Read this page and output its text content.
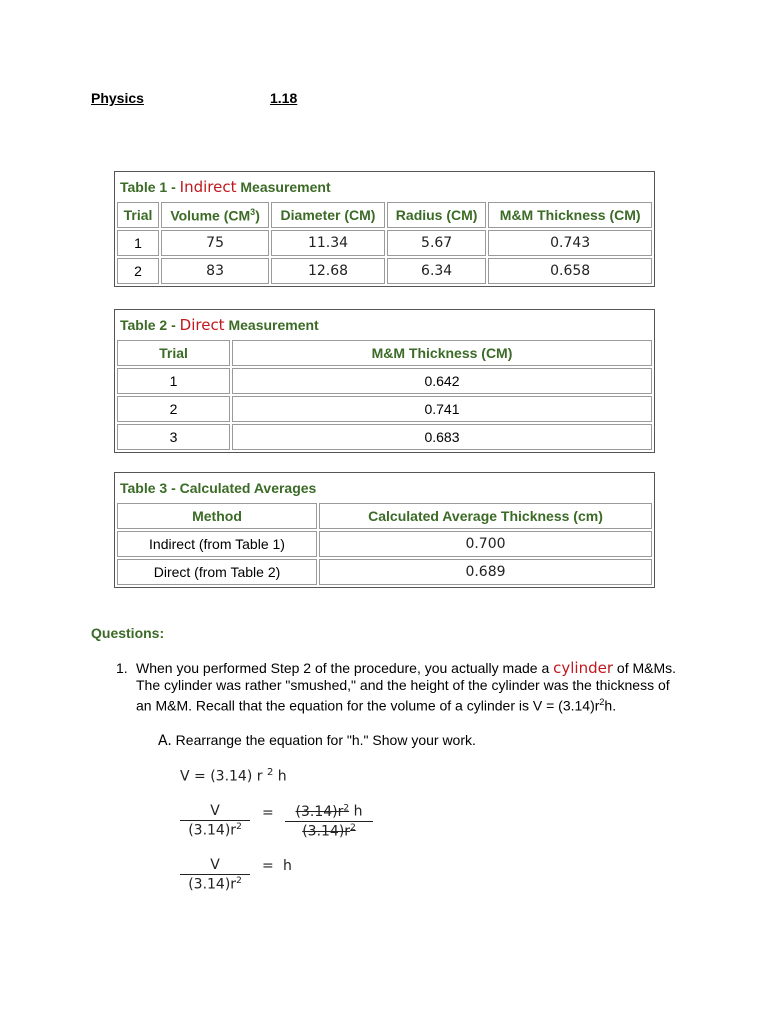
Physics	1.18
Table 1 - Indirect Measurement				
Trial	Volume $(CM^3)$	Diameter (CM)	Radius (CM)	M&M Thickness (CM)
1	75	11.34	5.67	0.743
2	83	12.68	6.34	0.658
Table 2 - Direct Measurement	
Trial	M&M Thickness (CM)
1	0.642
2	0.741
3	0.683
Table 3 - Calculated Averages	
Method	Calculated Average Thickness (cm)
Indirect (from Table 1)	0.700
Direct (from Table 2)	0.689
Questions:
1. When you performed Step 2 of the procedure, you actually made a cylinder of M&Ms. The cylinder was rather "smushed," and the height of the cylinder was the thickness of an M&M. Recall that the equation for the volume of a cylinder is $V = (3.14)r^2h$.
A. Rearrange the equation for "h." Show your work.
V = (3.14) r $^2$ h
V
$(3.14)r^2$
=	$(3.14)r^2$ h
$(3.14)r^2$
V
$(3.14)r^2$
= h
